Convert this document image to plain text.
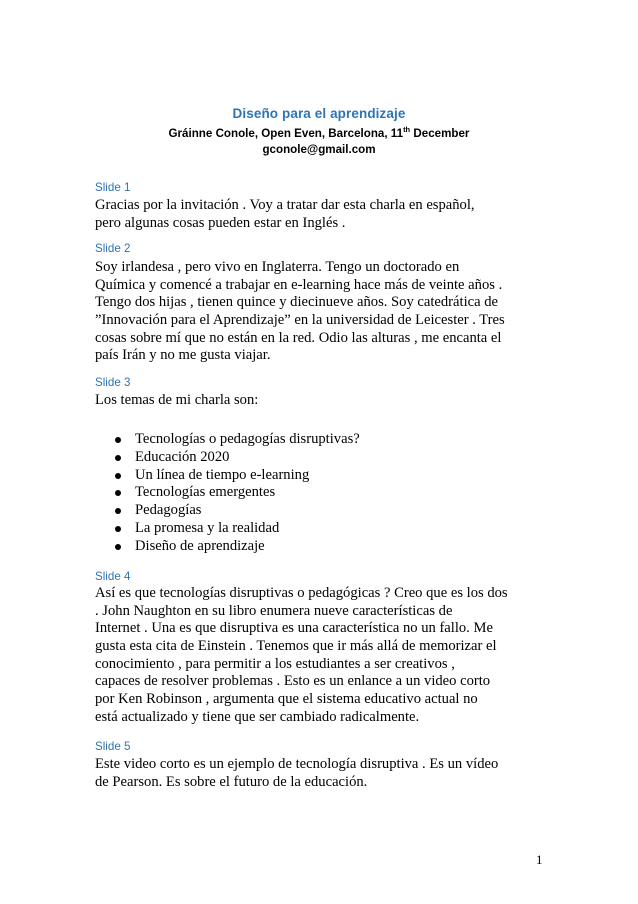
Diseño para el aprendizaje
Gráinne Conole, Open Even, Barcelona, 11th December
gconole@gmail.com
Slide 1
Gracias por la invitación . Voy a tratar dar esta charla en español,
pero algunas cosas pueden estar en Inglés .
Slide 2
Soy irlandesa , pero vivo en Inglaterra. Tengo un doctorado en
Química y comencé a trabajar en e-learning hace más de veinte años .
Tengo dos hijas , tienen quince y diecinueve años. Soy catedrática de
”Innovación para el Aprendizaje” en la universidad de Leicester . Tres
cosas sobre mí que no están en la red. Odio las alturas , me encanta el
país Irán y no me gusta viajar.
Slide 3
Los temas de mi charla son:
Tecnologías o pedagogías disruptivas?
Educación 2020
Un línea de tiempo e-learning
Tecnologías emergentes
Pedagogías
La promesa y la realidad
Diseño de aprendizaje
Slide 4
Así es que tecnologías disruptivas o pedagógicas ? Creo que es los dos
. John Naughton en su libro enumera nueve características de
Internet . Una es que disruptiva es una característica no un fallo. Me
gusta esta cita de Einstein . Tenemos que ir más allá de memorizar el
conocimiento , para permitir a los estudiantes a ser creativos ,
capaces de resolver problemas . Esto es un enlance a un video corto
por Ken Robinson , argumenta que el sistema educativo actual no
está actualizado y tiene que ser cambiado radicalmente.
Slide 5
Este video corto es un ejemplo de tecnología disruptiva . Es un vídeo
de Pearson. Es sobre el futuro de la educación.
1
